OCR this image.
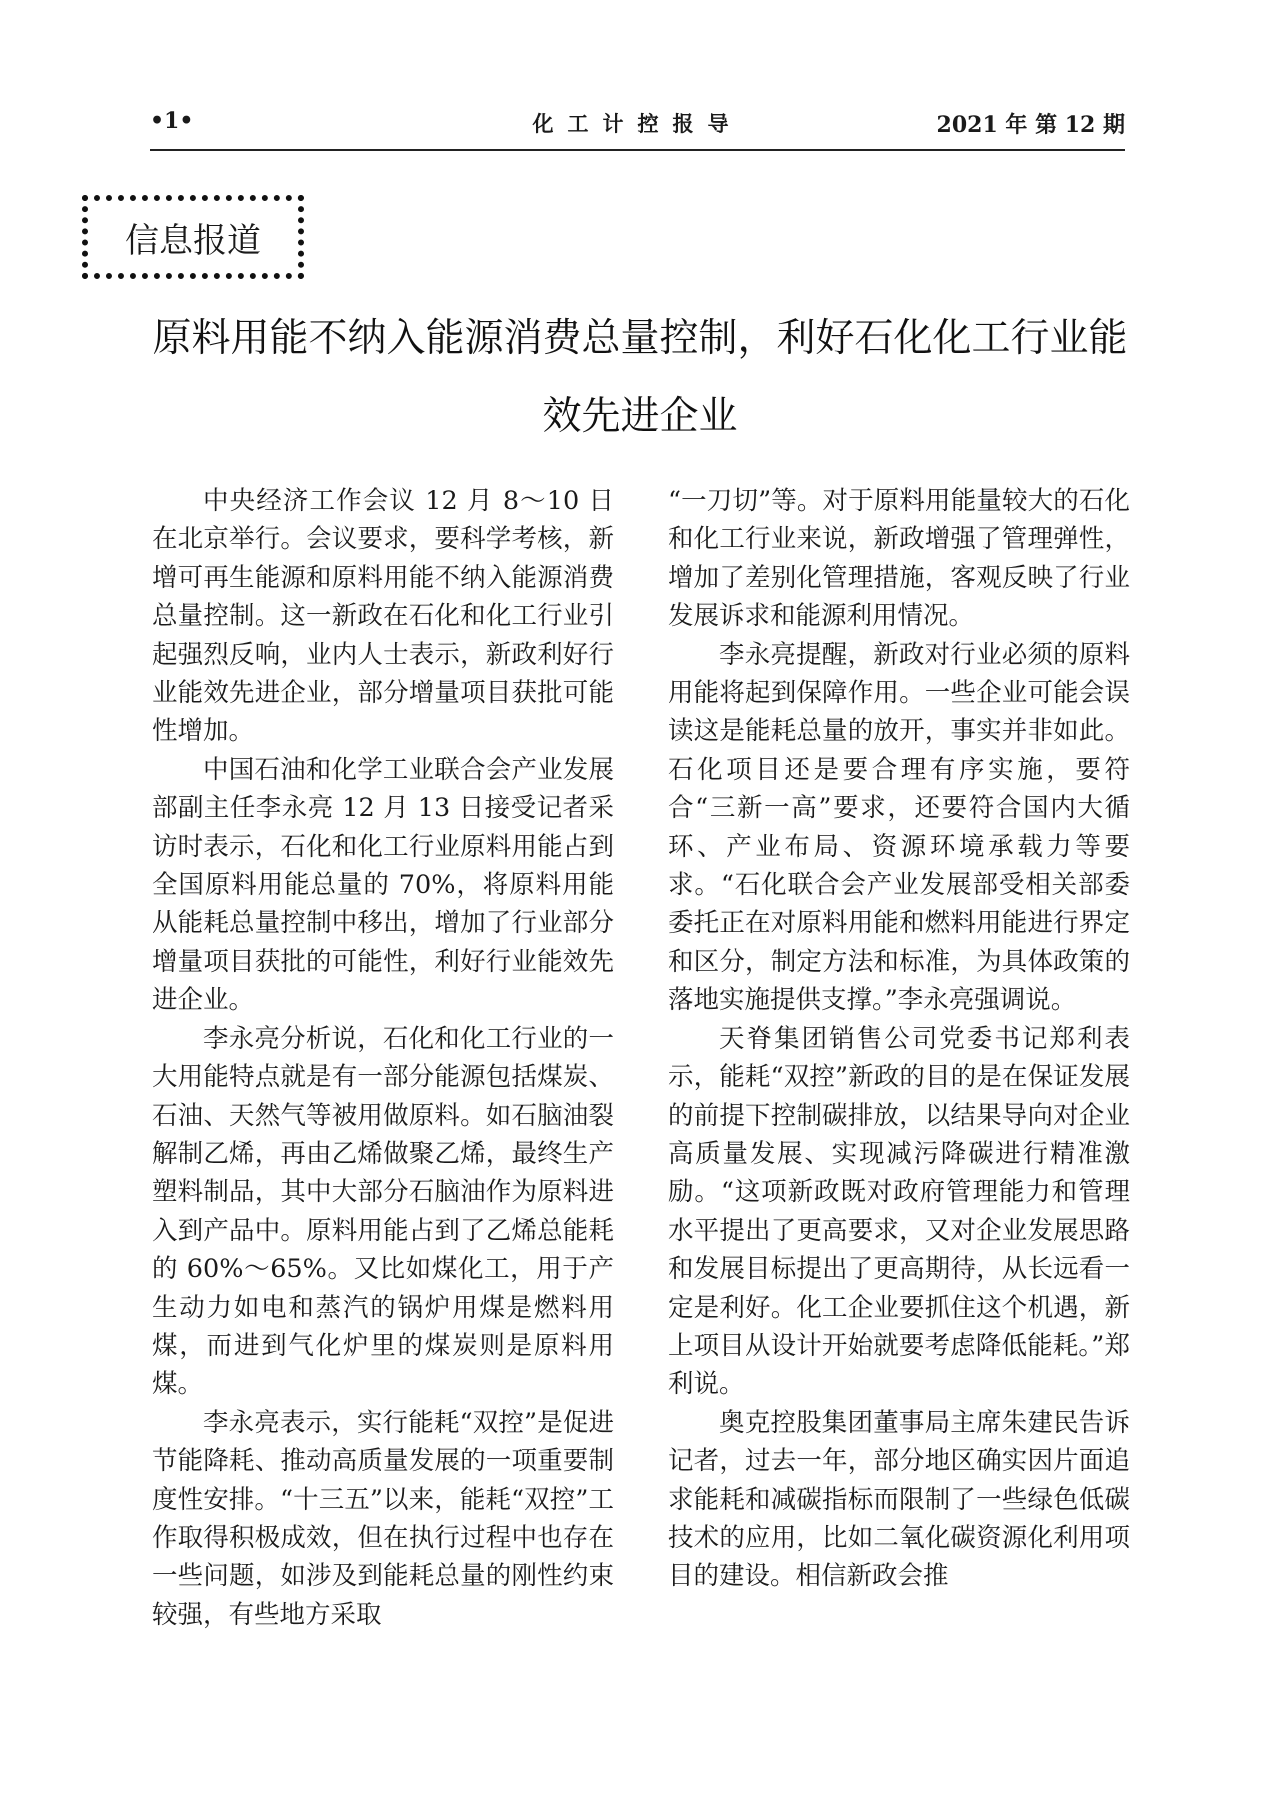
•1•	化工计控报导	2021 年 第 12 期
信息报道
原料用能不纳入能源消费总量控制，利好石化化工行业能效先进企业

中央经济工作会议 12 月 8～10 日在北京举行。会议要求，要科学考核，新增可再生能源和原料用能不纳入能源消费总量控制。这一新政在石化和化工行业引起强烈反响，业内人士表示，新政利好行业能效先进企业，部分增量项目获批可能性增加。

中国石油和化学工业联合会产业发展部副主任李永亮 12 月 13 日接受记者采访时表示，石化和化工行业原料用能占到全国原料用能总量的 70%，将原料用能从能耗总量控制中移出，增加了行业部分增量项目获批的可能性，利好行业能效先进企业。

李永亮分析说，石化和化工行业的一大用能特点就是有一部分能源包括煤炭、石油、天然气等被用做原料。如石脑油裂解制乙烯，再由乙烯做聚乙烯，最终生产塑料制品，其中大部分石脑油作为原料进入到产品中。原料用能占到了乙烯总能耗的 60%～65%。又比如煤化工，用于产生动力如电和蒸汽的锅炉用煤是燃料用煤，而进到气化炉里的煤炭则是原料用煤。

李永亮表示，实行能耗“双控”是促进节能降耗、推动高质量发展的一项重要制度性安排。“十三五”以来，能耗“双控”工作取得积极成效，但在执行过程中也存在一些问题，如涉及到能耗总量的刚性约束较强，有些地方采取

“一刀切”等。对于原料用能量较大的石化和化工行业来说，新政增强了管理弹性，增加了差别化管理措施，客观反映了行业发展诉求和能源利用情况。

李永亮提醒，新政对行业必须的原料用能将起到保障作用。一些企业可能会误读这是能耗总量的放开，事实并非如此。石化项目还是要合理有序实施，要符合“三新一高”要求，还要符合国内大循环、产业布局、资源环境承载力等要求。“石化联合会产业发展部受相关部委委托正在对原料用能和燃料用能进行界定和区分，制定方法和标准，为具体政策的落地实施提供支撑。”李永亮强调说。

天脊集团销售公司党委书记郑利表示，能耗“双控”新政的目的是在保证发展的前提下控制碳排放，以结果导向对企业高质量发展、实现减污降碳进行精准激励。“这项新政既对政府管理能力和管理水平提出了更高要求，又对企业发展思路和发展目标提出了更高期待，从长远看一定是利好。化工企业要抓住这个机遇，新上项目从设计开始就要考虑降低能耗。”郑利说。

奥克控股集团董事局主席朱建民告诉记者，过去一年，部分地区确实因片面追求能耗和减碳指标而限制了一些绿色低碳技术的应用，比如二氧化碳资源化利用项目的建设。相信新政会推
